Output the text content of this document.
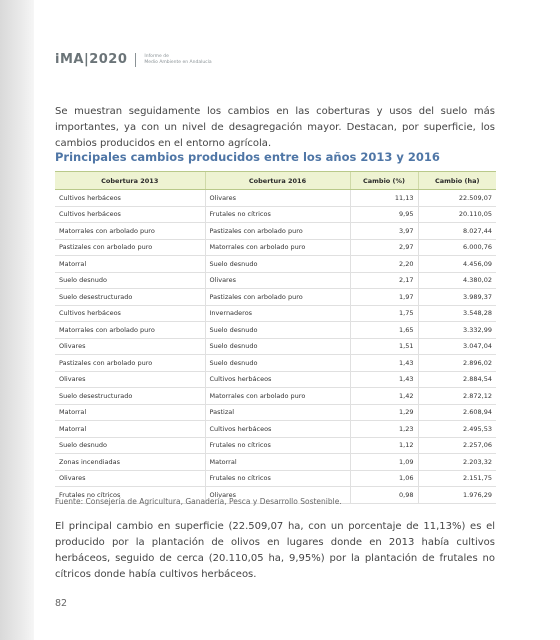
iMA|2020	Informe de
Medio Ambiente en Andalucía

Se muestran seguidamente los cambios en las coberturas y usos del suelo más importantes, ya con un nivel de desagregación mayor. Destacan, por superficie, los cambios producidos en el entorno agrícola.

Principales cambios producidos entre los años 2013 y 2016
Cobertura 2013	Cobertura 2016	Cambio (%)	Cambio (ha)
Cultivos herbáceos	Olivares	11,13	22.509,07
Cultivos herbáceos	Frutales no cítricos	9,95	20.110,05
Matorrales con arbolado puro	Pastizales con arbolado puro	3,97	8.027,44
Pastizales con arbolado puro	Matorrales con arbolado puro	2,97	6.000,76
Matorral	Suelo desnudo	2,20	4.456,09
Suelo desnudo	Olivares	2,17	4.380,02
Suelo desestructurado	Pastizales con arbolado puro	1,97	3.989,37
Cultivos herbáceos	Invernaderos	1,75	3.548,28
Matorrales con arbolado puro	Suelo desnudo	1,65	3.332,99
Olivares	Suelo desnudo	1,51	3.047,04
Pastizales con arbolado puro	Suelo desnudo	1,43	2.896,02
Olivares	Cultivos herbáceos	1,43	2.884,54
Suelo desestructurado	Matorrales con arbolado puro	1,42	2.872,12
Matorral	Pastizal	1,29	2.608,94
Matorral	Cultivos herbáceos	1,23	2.495,53
Suelo desnudo	Frutales no cítricos	1,12	2.257,06
Zonas incendiadas	Matorral	1,09	2.203,32
Olivares	Frutales no cítricos	1,06	2.151,75
Frutales no cítricos	Olivares	0,98	1.976,29
Fuente: Consejería de Agricultura, Ganadería, Pesca y Desarrollo Sostenible.

El principal cambio en superficie (22.509,07 ha, con un porcentaje de 11,13%) es el producido por la plantación de olivos en lugares donde en 2013 había cultivos herbáceos, seguido de cerca (20.110,05 ha, 9,95%) por la plantación de frutales no cítricos donde había cultivos herbáceos.

82
